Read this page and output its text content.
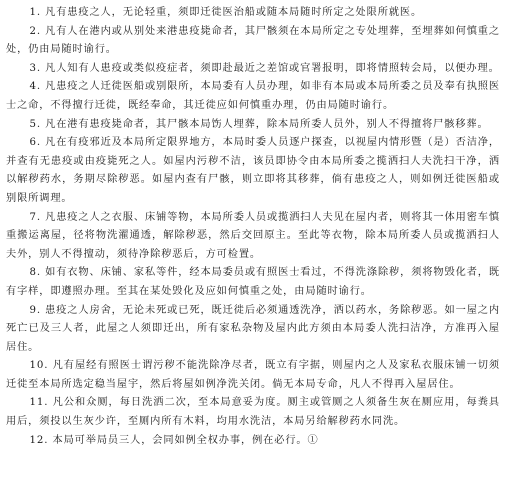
1. 凡有患疫之人，无论轻重，须即迁徙医治船或随本局随时所定之处限所就医。

2. 凡有人在港内或从别处来港患疫毙命者，其尸骸须在本局所定之专处埋葬，至埋葬如何慎重之处，仍由局随时谕行。

3. 凡人知有人患疫或类似疫症者，须即赴最近之差馆或官署报明，即将情照转会局，以便办理。

4. 凡患疫之人迁徙医船或别限所，本局委有人员办理，如非有本局或本局所委之员及奉有执照医士之命，不得擅行迁徙，既经奉命，其迁徙应如何慎重办理，仍由局随时谕行。

5. 凡在港有患疫毙命者，其尸骸本局饬人埋葬，除本局所委人员外，别人不得擅将尸骸移葬。

6. 凡在有疫邪近及本局所定限界地方，本局时委人员逐户探查，以视屋内情形暨（是）否洁净，并查有无患疫或由疫毙死之人。如屋内污秽不洁，该员即协令由本局所委之揽洒扫人夫洗扫干净，洒以解秽药水，务期尽除秽恶。如屋内查有尸骸，则立即将其移葬，倘有患疫之人，则如例迁徙医船或别限所调理。

7. 凡患疫之人之衣服、床铺等物，本局所委人员或揽洒扫人夫见在屋内者，则将其一体用密车慎重搬运离屋，径将物洗濯通透，解除秽恶，然后交回原主。至此等衣物，除本局所委人员或揽洒扫人夫外，别人不得擅动，须待净除秽恶后，方可检置。

8. 如有衣物、床铺、家私等件，经本局委员或有照医士看过，不得洗涤除秽，须将物毁化者，既有字样，即遵照办理。至其在某处毁化及应如何慎重之处，由局随时谕行。

9. 患疫之人房舍，无论未死或已死，既迁徙后必须通透洗净，洒以药水，务除秽恶。如一屋之内死亡已及三人者，此屋之人须即迁出，所有家私杂物及屋内此方须由本局委人洗扫洁净，方准再入屋居住。

10. 凡有屋经有照医士谓污秽不能洗除净尽者，既立有字据，则屋内之人及家私衣服床铺一切须迁徙至本局所选定稳当屋宇，然后将屋如例净洗关闭。倘无本局专命，凡人不得再入屋居住。

11. 凡公和众厕，每日洗洒二次，至本局意妥为度。厕主或管厕之人须备生灰在厕应用，每粪具用后，须投以生灰少许，至厕内所有木料，均用水洗洁，本局另给解秽药水同洗。

12. 本局可举局员三人，会同如例全权办事，例在必行。①
